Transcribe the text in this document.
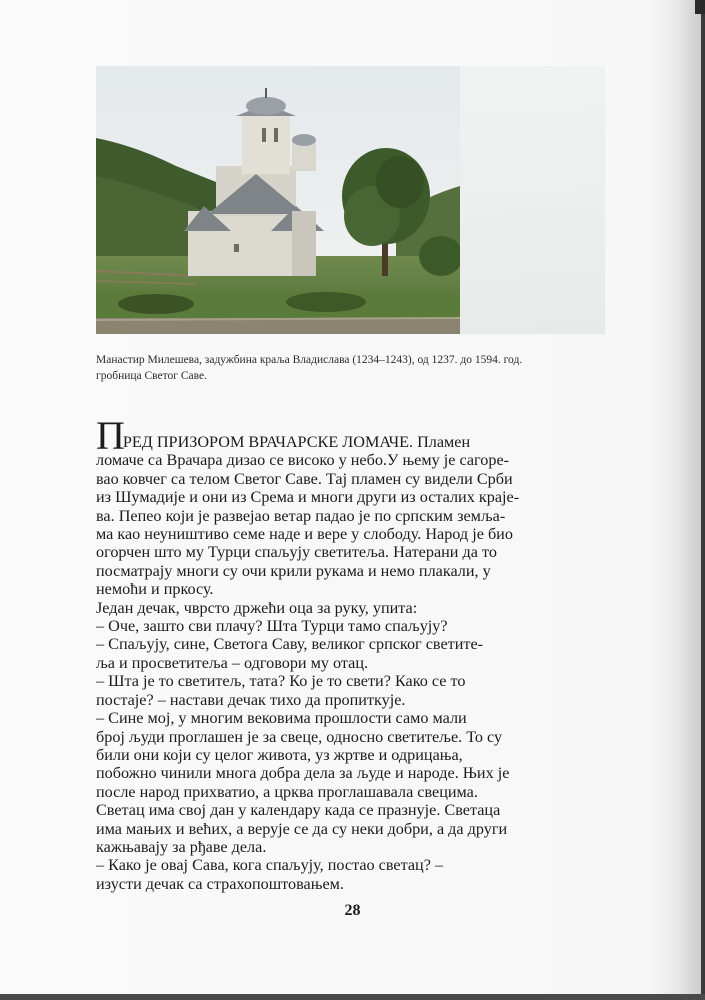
Манастир Милешева, задужбина краља Владислава (1234–1243), од 1237. до 1594. год.
гробница Светог Саве.
ПРЕД ПРИЗОРОМ ВРАЧАРСКЕ ЛОМАЧЕ. Пламен
ломаче са Врачара дизао се високо у небо.У њему је сагоре-
вао ковчег са телом Светог Саве. Тај пламен су видели Срби
из Шумадије и они из Срема и многи други из осталих краје-
ва. Пепео који је развејао ветар падао је по српским земља-
ма као неуништиво семе наде и вере у слободу. Народ је био
огорчен што му Турци спаљују светитеља. Натерани да то
посматрају многи су очи крили рукама и немо плакали, у
немоћи и пркосу.
Један дечак, чврсто држећи оца за руку, упита:
– Оче, зашто сви плачу? Шта Турци тамо спаљују?
– Спаљују, сине, Светога Саву, великог српског светите-
ља и просветитеља – одговори му отац.
– Шта је то светитељ, тата? Ко је то свети? Како се то
постаје? – настави дечак тихо да пропиткује.
– Сине мој, у многим вековима прошлости само мали
број људи проглашен је за свеце, односно светитеље. То су
били они који су целог живота, уз жртве и одрицања,
побожно чинили многа добра дела за људе и народе. Њих је
после народ прихватио, а црква проглашавала свецима.
Светац има свој дан у календару када се празнује. Светаца
има мањих и већих, а верује се да су неки добри, а да други
кажњавају за рђаве дела.
– Како је овај Сава, кога спаљују, постао светац? –
изусти дечак са страхопоштовањем.
28
